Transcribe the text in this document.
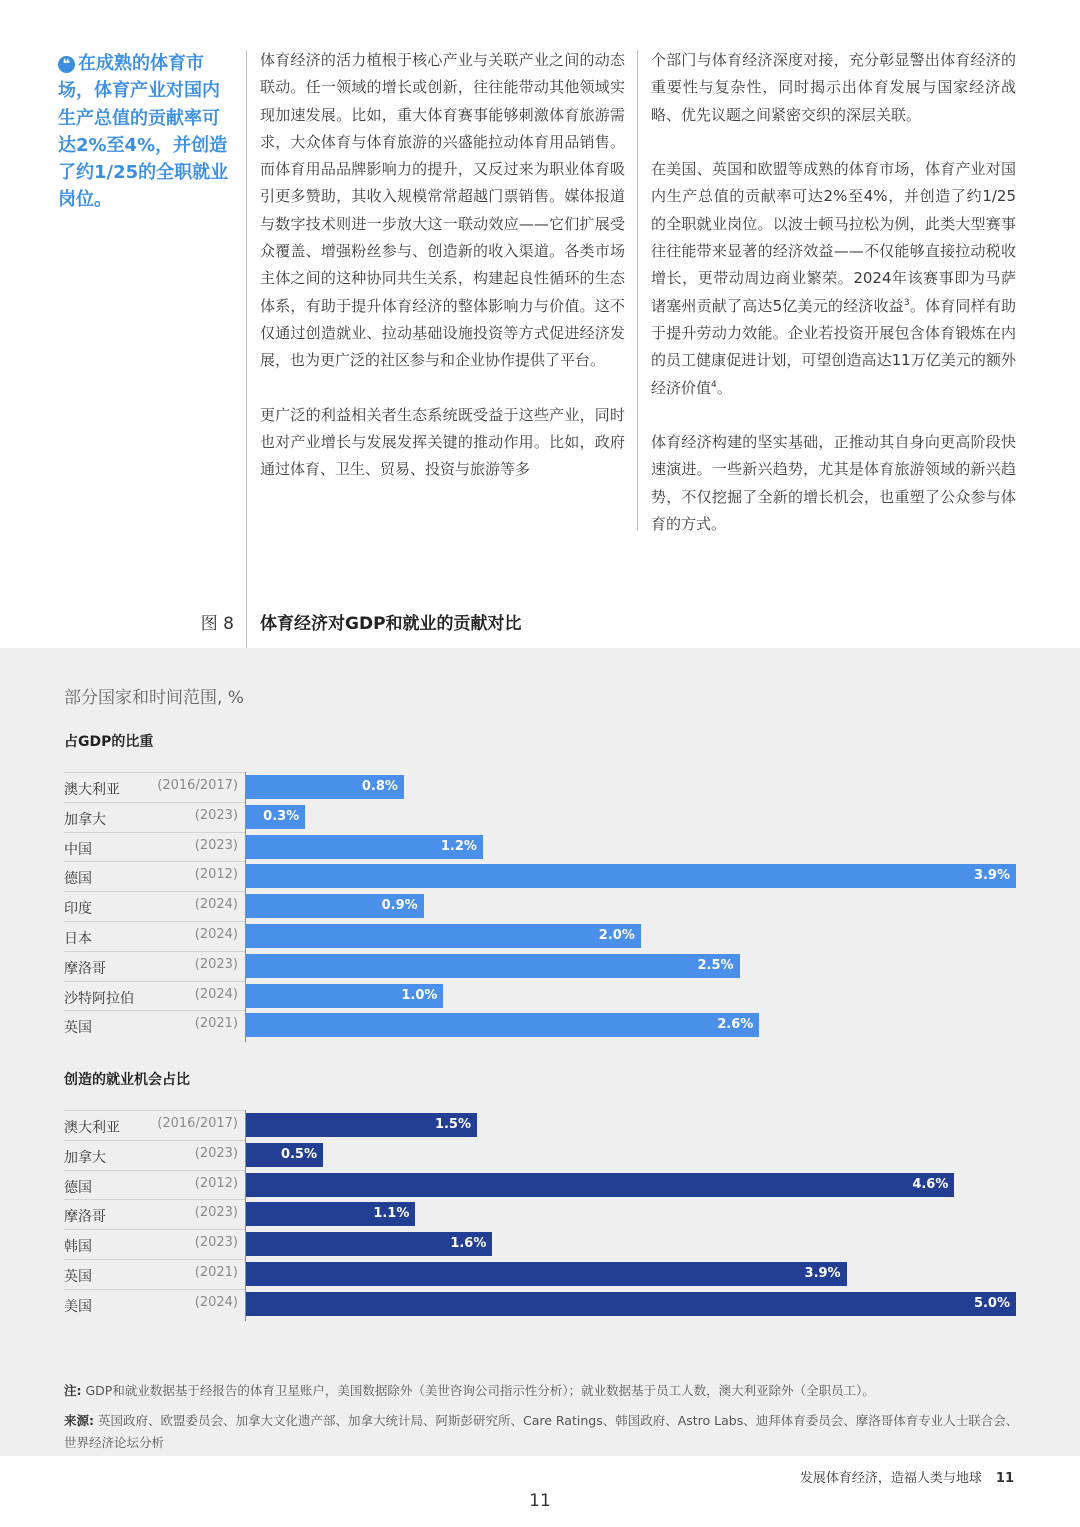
❝ 在成熟的体育市场，体育产业对国内生产总值的贡献率可达2%至4%，并创造了约1/25的全职就业岗位。

体育经济的活力植根于核心产业与关联产业之间的动态联动。任一领域的增长或创新，往往能带动其他领域实现加速发展。比如，重大体育赛事能够刺激体育旅游需求，大众体育与体育旅游的兴盛能拉动体育用品销售。而体育用品品牌影响力的提升，又反过来为职业体育吸引更多赞助，其收入规模常常超越门票销售。媒体报道与数字技术则进一步放大这一联动效应——它们扩展受众覆盖、增强粉丝参与、创造新的收入渠道。各类市场主体之间的这种协同共生关系，构建起良性循环的生态体系，有助于提升体育经济的整体影响力与价值。这不仅通过创造就业、拉动基础设施投资等方式促进经济发展，也为更广泛的社区参与和企业协作提供了平台。

更广泛的利益相关者生态系统既受益于这些产业，同时也对产业增长与发展发挥关键的推动作用。比如，政府通过体育、卫生、贸易、投资与旅游等多

个部门与体育经济深度对接，充分彰显警出体育经济的重要性与复杂性，同时揭示出体育发展与国家经济战略、优先议题之间紧密交织的深层关联。

在美国、英国和欧盟等成熟的体育市场，体育产业对国内生产总值的贡献率可达2%至4%，并创造了约1/25的全职就业岗位。以波士顿马拉松为例，此类大型赛事往往能带来显著的经济效益——不仅能够直接拉动税收增长，更带动周边商业繁荣。2024年该赛事即为马萨诸塞州贡献了高达5亿美元的经济收益$^3$。体育同样有助于提升劳动力效能。企业若投资开展包含体育锻炼在内的员工健康促进计划，可望创造高达11万亿美元的额外经济价值$^4$。

体育经济构建的坚实基础，正推动其自身向更高阶段快速演进。一些新兴趋势，尤其是体育旅游领域的新兴趋势，不仅挖掘了全新的增长机会，也重塑了公众参与体育的方式。

图 8 体育经济对GDP和就业的贡献对比
部分国家和时间范围, %
占GDP的比重
创造的就业机会占比
澳大利亚	(2016/2017)	0.8%
加拿大	(2023) 0.3%
中国	(2023)	1.2%
德国	(2012)	3.9%
印度	(2024)	0.9%
日本	(2024)	2.0%
摩洛哥	(2023)	2.5%
沙特阿拉伯	(2024)	1.0%
英国	(2021)	2.6%
澳大利亚	(2016/2017)	1.5%
加拿大	(2023)	0.5%
德国	(2012)	4.6%
摩洛哥	(2023)	1.1%
韩国	(2023)	1.6%
英国	(2021)	3.9%
美国	(2024)	5.0%
注: GDP和就业数据基于经报告的体育卫星账户，美国数据除外（美世咨询公司指示性分析）；就业数据基于员工人数，澳大利亚除外（全职员工）。
来源: 英国政府、欧盟委员会、加拿大文化遗产部、加拿大统计局、阿斯彭研究所、Care Ratings、韩国政府、Astro Labs、迪拜体育委员会、摩洛哥体育专业人士联合会、世界经济论坛分析
发展体育经济，造福人类与地球 11
11
